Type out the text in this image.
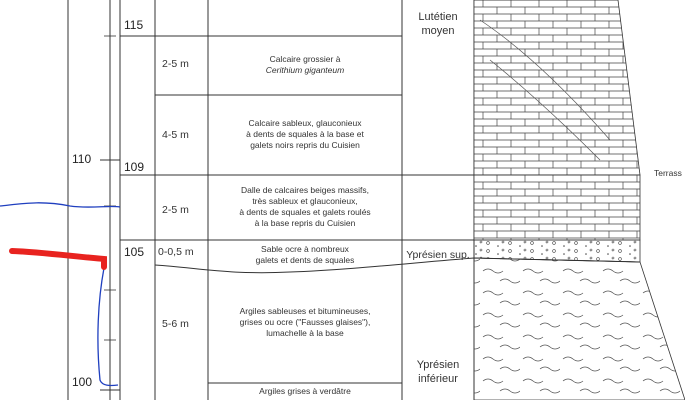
110
100
115
109
105
2-5 m
4-5 m
2-5 m
0-0,5 m
5-6 m
Calcaire grossier à
Cerithium giganteum
Calcaire sableux, glauconieux
à dents de squales à la base et
galets noirs repris du Cuisien
Dalle de calcaires beiges massifs,
très sableux et glauconieux,
à dents de squales et galets roulés
à la base repris du Cuisien
Sable ocre à nombreux
galets et dents de squales
Argiles sableuses et bitumineuses,
grises ou ocre ("Fausses glaises"),
lumachelle à la base
Argiles grises à verdâtre
Lutétien
moyen
Yprésien sup.
Yprésien
inférieur
Terrass
